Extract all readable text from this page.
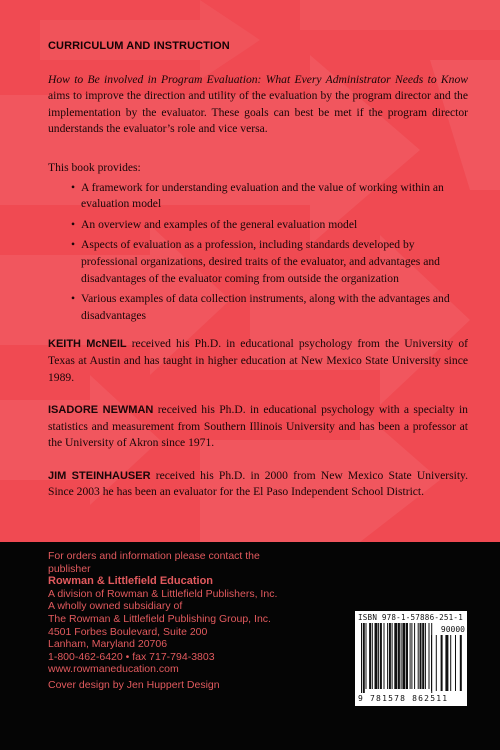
CURRICULUM AND INSTRUCTION

How to Be involved in Program Evaluation: What Every Administrator Needs to Know aims to improve the direction and utility of the evaluation by the program director and the implementation by the evaluator. These goals can best be met if the program director understands the evaluator’s role and vice versa.

This book provides:
• A framework for understanding evaluation and the value of working within an evaluation model
• An overview and examples of the general evaluation model
• Aspects of evaluation as a profession, including standards developed by professional organizations, desired traits of the evaluator, and advantages and disadvantages of the evaluator coming from outside the organization
• Various examples of data collection instruments, along with the advantages and disadvantages

KEITH McNEIL received his Ph.D. in educational psychology from the University of Texas at Austin and has taught in higher education at New Mexico State University since 1989.

ISADORE NEWMAN received his Ph.D. in educational psychology with a specialty in statistics and measurement from Southern Illinois University and has been a professor at the University of Akron since 1971.

JIM STEINHAUSER received his Ph.D. in 2000 from New Mexico State University. Since 2003 he has been an evaluator for the El Paso Independent School District.

For orders and information please contact the publisher
Rowman & Littlefield Education
A division of Rowman & Littlefield Publishers, Inc.
A wholly owned subsidiary of
The Rowman & Littlefield Publishing Group, Inc.
4501 Forbes Boulevard, Suite 200
Lanham, Maryland 20706
1-800-462-6420 • fax 717-794-3803
www.rowmaneducation.com
Cover design by Jen Huppert Design
ISBN 978-1-57886-251-1
90000
9 781578 862511
